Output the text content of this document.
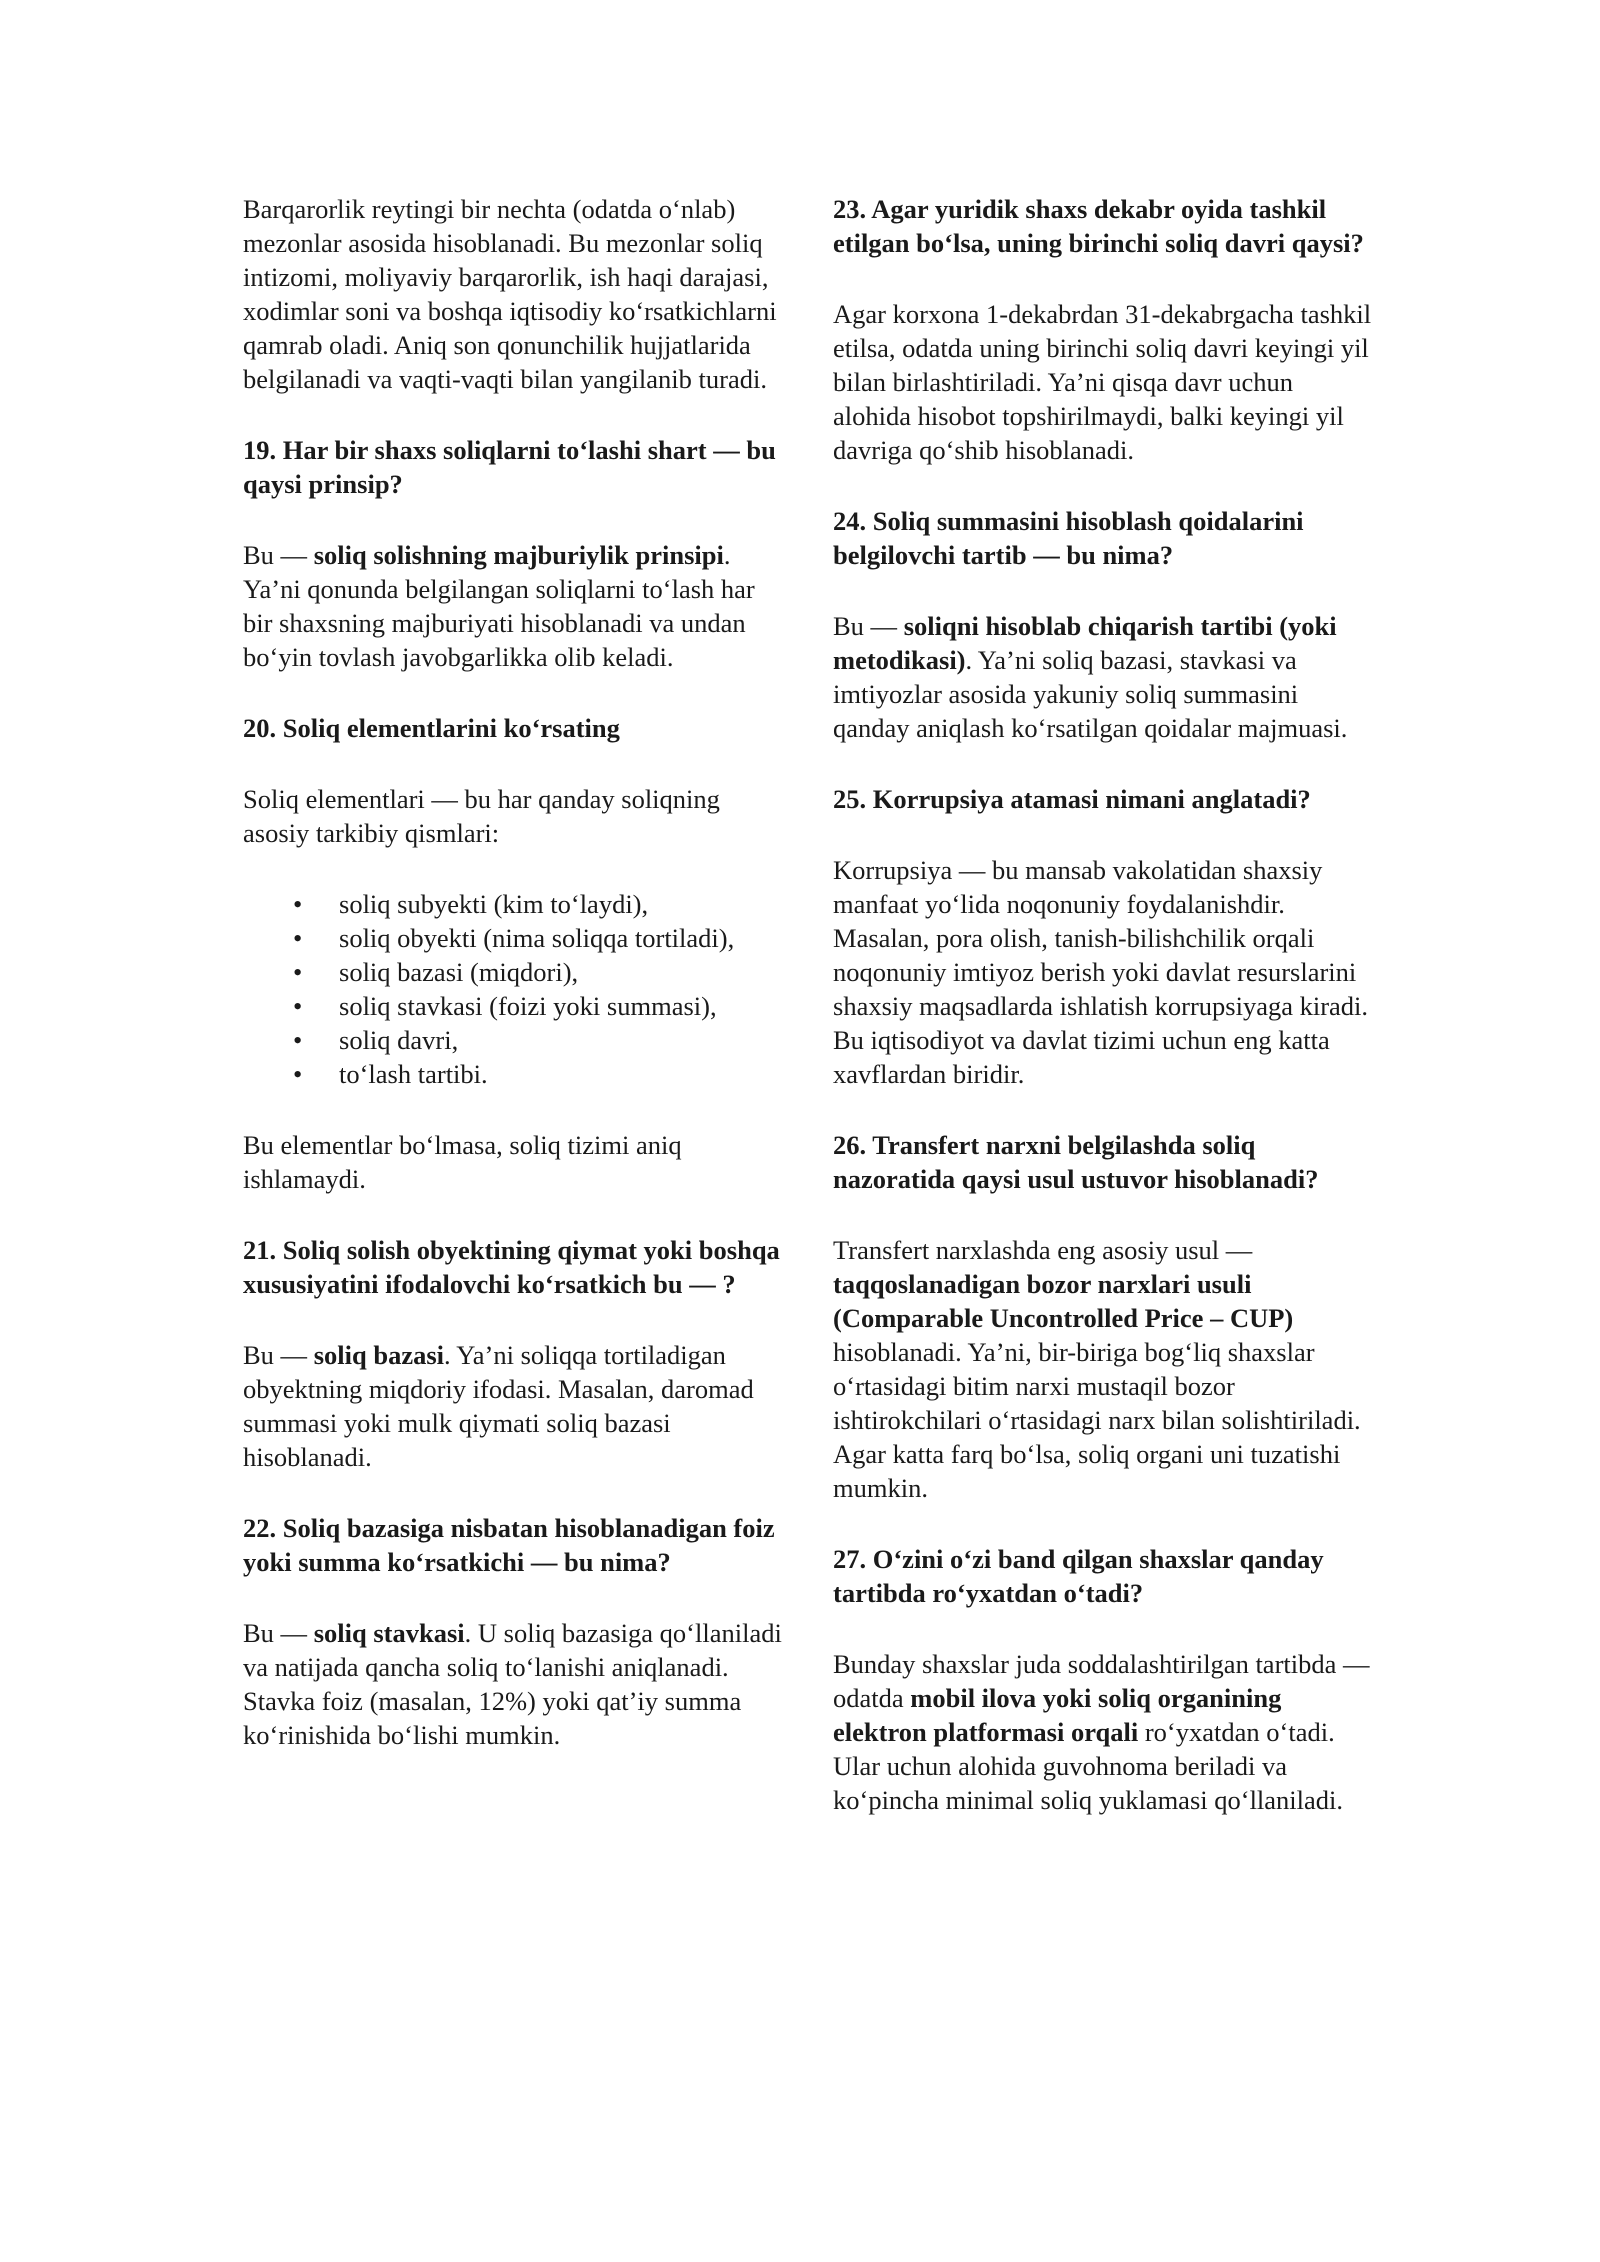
Barqarorlik reytingi bir nechta (odatda o‘nlab) mezonlar asosida hisoblanadi. Bu mezonlar soliq intizomi, moliyaviy barqarorlik, ish haqi darajasi, xodimlar soni va boshqa iqtisodiy ko‘rsatkichlarni qamrab oladi. Aniq son qonunchilik hujjatlarida belgilanadi va vaqti-vaqti bilan yangilanib turadi.

19. Har bir shaxs soliqlarni to‘lashi shart — bu qaysi prinsip?

Bu — soliq solishning majburiylik prinsipi. Ya’ni qonunda belgilangan soliqlarni to‘lash har bir shaxsning majburiyati hisoblanadi va undan bo‘yin tovlash javobgarlikka olib keladi.

20. Soliq elementlarini ko‘rsating

Soliq elementlari — bu har qanday soliqning asosiy tarkibiy qismlari:

• soliq subyekti (kim to‘laydi),
• soliq obyekti (nima soliqqa tortiladi),
• soliq bazasi (miqdori),
• soliq stavkasi (foizi yoki summasi),
• soliq davri,
• to‘lash tartibi.

Bu elementlar bo‘lmasa, soliq tizimi aniq ishlamaydi.

21. Soliq solish obyektining qiymat yoki boshqa xususiyatini ifodalovchi ko‘rsatkich bu — ?

Bu — soliq bazasi. Ya’ni soliqqa tortiladigan obyektning miqdoriy ifodasi. Masalan, daromad summasi yoki mulk qiymati soliq bazasi hisoblanadi.

22. Soliq bazasiga nisbatan hisoblanadigan foiz yoki summa ko‘rsatkichi — bu nima?

Bu — soliq stavkasi. U soliq bazasiga qo‘llaniladi va natijada qancha soliq to‘lanishi aniqlanadi. Stavka foiz (masalan, 12%) yoki qat’iy summa ko‘rinishida bo‘lishi mumkin.

23. Agar yuridik shaxs dekabr oyida tashkil etilgan bo‘lsa, uning birinchi soliq davri qaysi?

Agar korxona 1-dekabrdan 31-dekabrgacha tashkil etilsa, odatda uning birinchi soliq davri keyingi yil bilan birlashtiriladi. Ya’ni qisqa davr uchun alohida hisobot topshirilmaydi, balki keyingi yil davriga qo‘shib hisoblanadi.

24. Soliq summasini hisoblash qoidalarini belgilovchi tartib — bu nima?

Bu — soliqni hisoblab chiqarish tartibi (yoki metodikasi). Ya’ni soliq bazasi, stavkasi va imtiyozlar asosida yakuniy soliq summasini qanday aniqlash ko‘rsatilgan qoidalar majmuasi.

25. Korrupsiya atamasi nimani anglatadi?

Korrupsiya — bu mansab vakolatidan shaxsiy manfaat yo‘lida noqonuniy foydalanishdir. Masalan, pora olish, tanish-bilishchilik orqali noqonuniy imtiyoz berish yoki davlat resurslarini shaxsiy maqsadlarda ishlatish korrupsiyaga kiradi. Bu iqtisodiyot va davlat tizimi uchun eng katta xavflardan biridir.

26. Transfert narxni belgilashda soliq nazoratida qaysi usul ustuvor hisoblanadi?

Transfert narxlashda eng asosiy usul — taqqoslanadigan bozor narxlari usuli (Comparable Uncontrolled Price – CUP) hisoblanadi. Ya’ni, bir-biriga bog‘liq shaxslar o‘rtasidagi bitim narxi mustaqil bozor ishtirokchilari o‘rtasidagi narx bilan solishtiriladi. Agar katta farq bo‘lsa, soliq organi uni tuzatishi mumkin.

27. O‘zini o‘zi band qilgan shaxslar qanday tartibda ro‘yxatdan o‘tadi?

Bunday shaxslar juda soddalashtirilgan tartibda — odatda mobil ilova yoki soliq organining elektron platformasi orqali ro‘yxatdan o‘tadi. Ular uchun alohida guvohnoma beriladi va ko‘pincha minimal soliq yuklamasi qo‘llaniladi.
